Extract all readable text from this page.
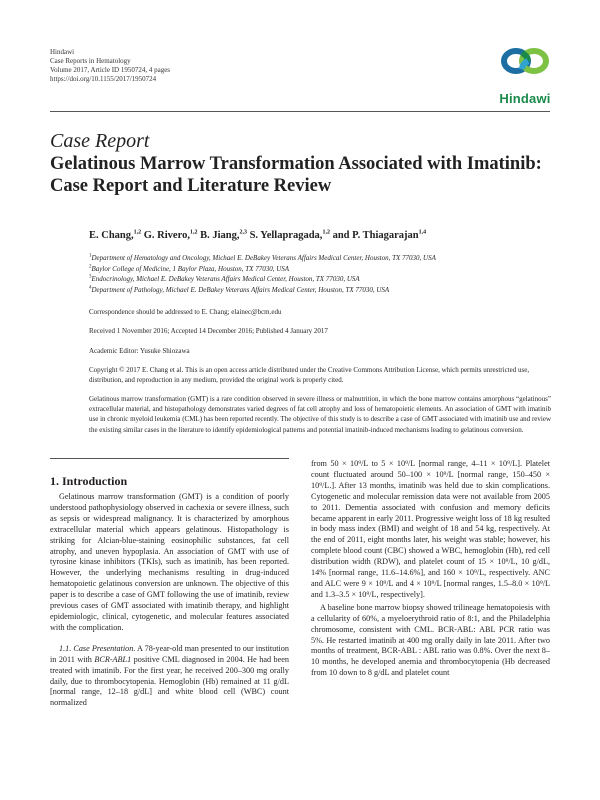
Hindawi
Case Reports in Hematology
Volume 2017, Article ID 1950724, 4 pages
https://doi.org/10.1155/2017/1950724
Hindawi
Case Report
Gelatinous Marrow Transformation Associated with Imatinib:
Case Report and Literature Review
E. Chang,$^{1,2}$ G. Rivero,$^{1,2}$ B. Jiang,$^{2,3}$ S. Yellapragada,$^{1,2}$ and P. Thiagarajan$^{1,4}$
$^1$Department of Hematology and Oncology, Michael E. DeBakey Veterans Affairs Medical Center, Houston, TX 77030, USA
$^2$Baylor College of Medicine, 1 Baylor Plaza, Houston, TX 77030, USA
$^3$Endocrinology, Michael E. DeBakey Veterans Affairs Medical Center, Houston, TX 77030, USA
$^4$Department of Pathology, Michael E. DeBakey Veterans Affairs Medical Center, Houston, TX 77030, USA
Correspondence should be addressed to E. Chang; elainec@bcm.edu
Received 1 November 2016; Accepted 14 December 2016; Published 4 January 2017
Academic Editor: Yusuke Shiozawa
Copyright © 2017 E. Chang et al. This is an open access article distributed under the Creative Commons Attribution License, which permits unrestricted use, distribution, and reproduction in any medium, provided the original work is properly cited.
Gelatinous marrow transformation (GMT) is a rare condition observed in severe illness or malnutrition, in which the bone marrow contains amorphous “gelatinous” extracellular material, and histopathology demonstrates varied degrees of fat cell atrophy and loss of hematopoietic elements. An association of GMT with imatinib use in chronic myeloid leukemia (CML) has been reported recently. The objective of this study is to describe a case of GMT associated with imatinib use and review the existing similar cases in the literature to identify epidemiological patterns and potential imatinib-induced mechanisms leading to gelatinous conversion.
1. Introduction

Gelatinous marrow transformation (GMT) is a condition of poorly understood pathophysiology observed in cachexia or severe illness, such as sepsis or widespread malignancy. It is characterized by amorphous extracellular material which appears gelatinous. Histopathology is striking for Alcian-blue-staining eosinophilic substances, fat cell atrophy, and uneven hypoplasia. An association of GMT with use of tyrosine kinase inhibitors (TKIs), such as imatinib, has been reported. However, the underlying mechanisms resulting in drug-induced hematopoietic gelatinous conversion are unknown. The objective of this paper is to describe a case of GMT following the use of imatinib, review previous cases of GMT associated with imatinib therapy, and highlight epidemiologic, clinical, cytogenetic, and molecular features associated with the complication.

1.1. Case Presentation. A 78-year-old man presented to our institution in 2011 with BCR-ABL1 positive CML diagnosed in 2004. He had been treated with imatinib. For the first year, he received 200–300 mg orally daily, due to thrombocytopenia. Hemoglobin (Hb) remained at 11 g/dL [normal range, 12–18 g/dL] and white blood cell (WBC) count normalized

from 50 × 10⁹/L to 5 × 10⁹/L [normal range, 4–11 × 10⁹/L]. Platelet count fluctuated around 50–100 × 10⁹/L [normal range, 150–450 × 10⁹/L.]. After 13 months, imatinib was held due to skin complications. Cytogenetic and molecular remission data were not available from 2005 to 2011. Dementia associated with confusion and memory deficits became apparent in early 2011. Progressive weight loss of 18 kg resulted in body mass index (BMI) and weight of 18 and 54 kg, respectively. At the end of 2011, eight months later, his weight was stable; however, his complete blood count (CBC) showed a WBC, hemoglobin (Hb), red cell distribution width (RDW), and platelet count of 15 × 10⁹/L, 10 g/dL, 14% [normal range, 11.6–14.6%], and 160 × 10⁹/L, respectively. ANC and ALC were 9 × 10⁹/L and 4 × 10⁹/L [normal ranges, 1.5–8.0 × 10⁹/L and 1.3–3.5 × 10⁹/L, respectively].

A baseline bone marrow biopsy showed trilineage hematopoiesis with a cellularity of 60%, a myeloerythroid ratio of 8:1, and the Philadelphia chromosome, consistent with CML. BCR-ABL: ABL PCR ratio was 5%. He restarted imatinib at 400 mg orally daily in late 2011. After two months of treatment, BCR-ABL : ABL ratio was 0.8%. Over the next 8–10 months, he developed anemia and thrombocytopenia (Hb decreased from 10 down to 8 g/dL and platelet count
